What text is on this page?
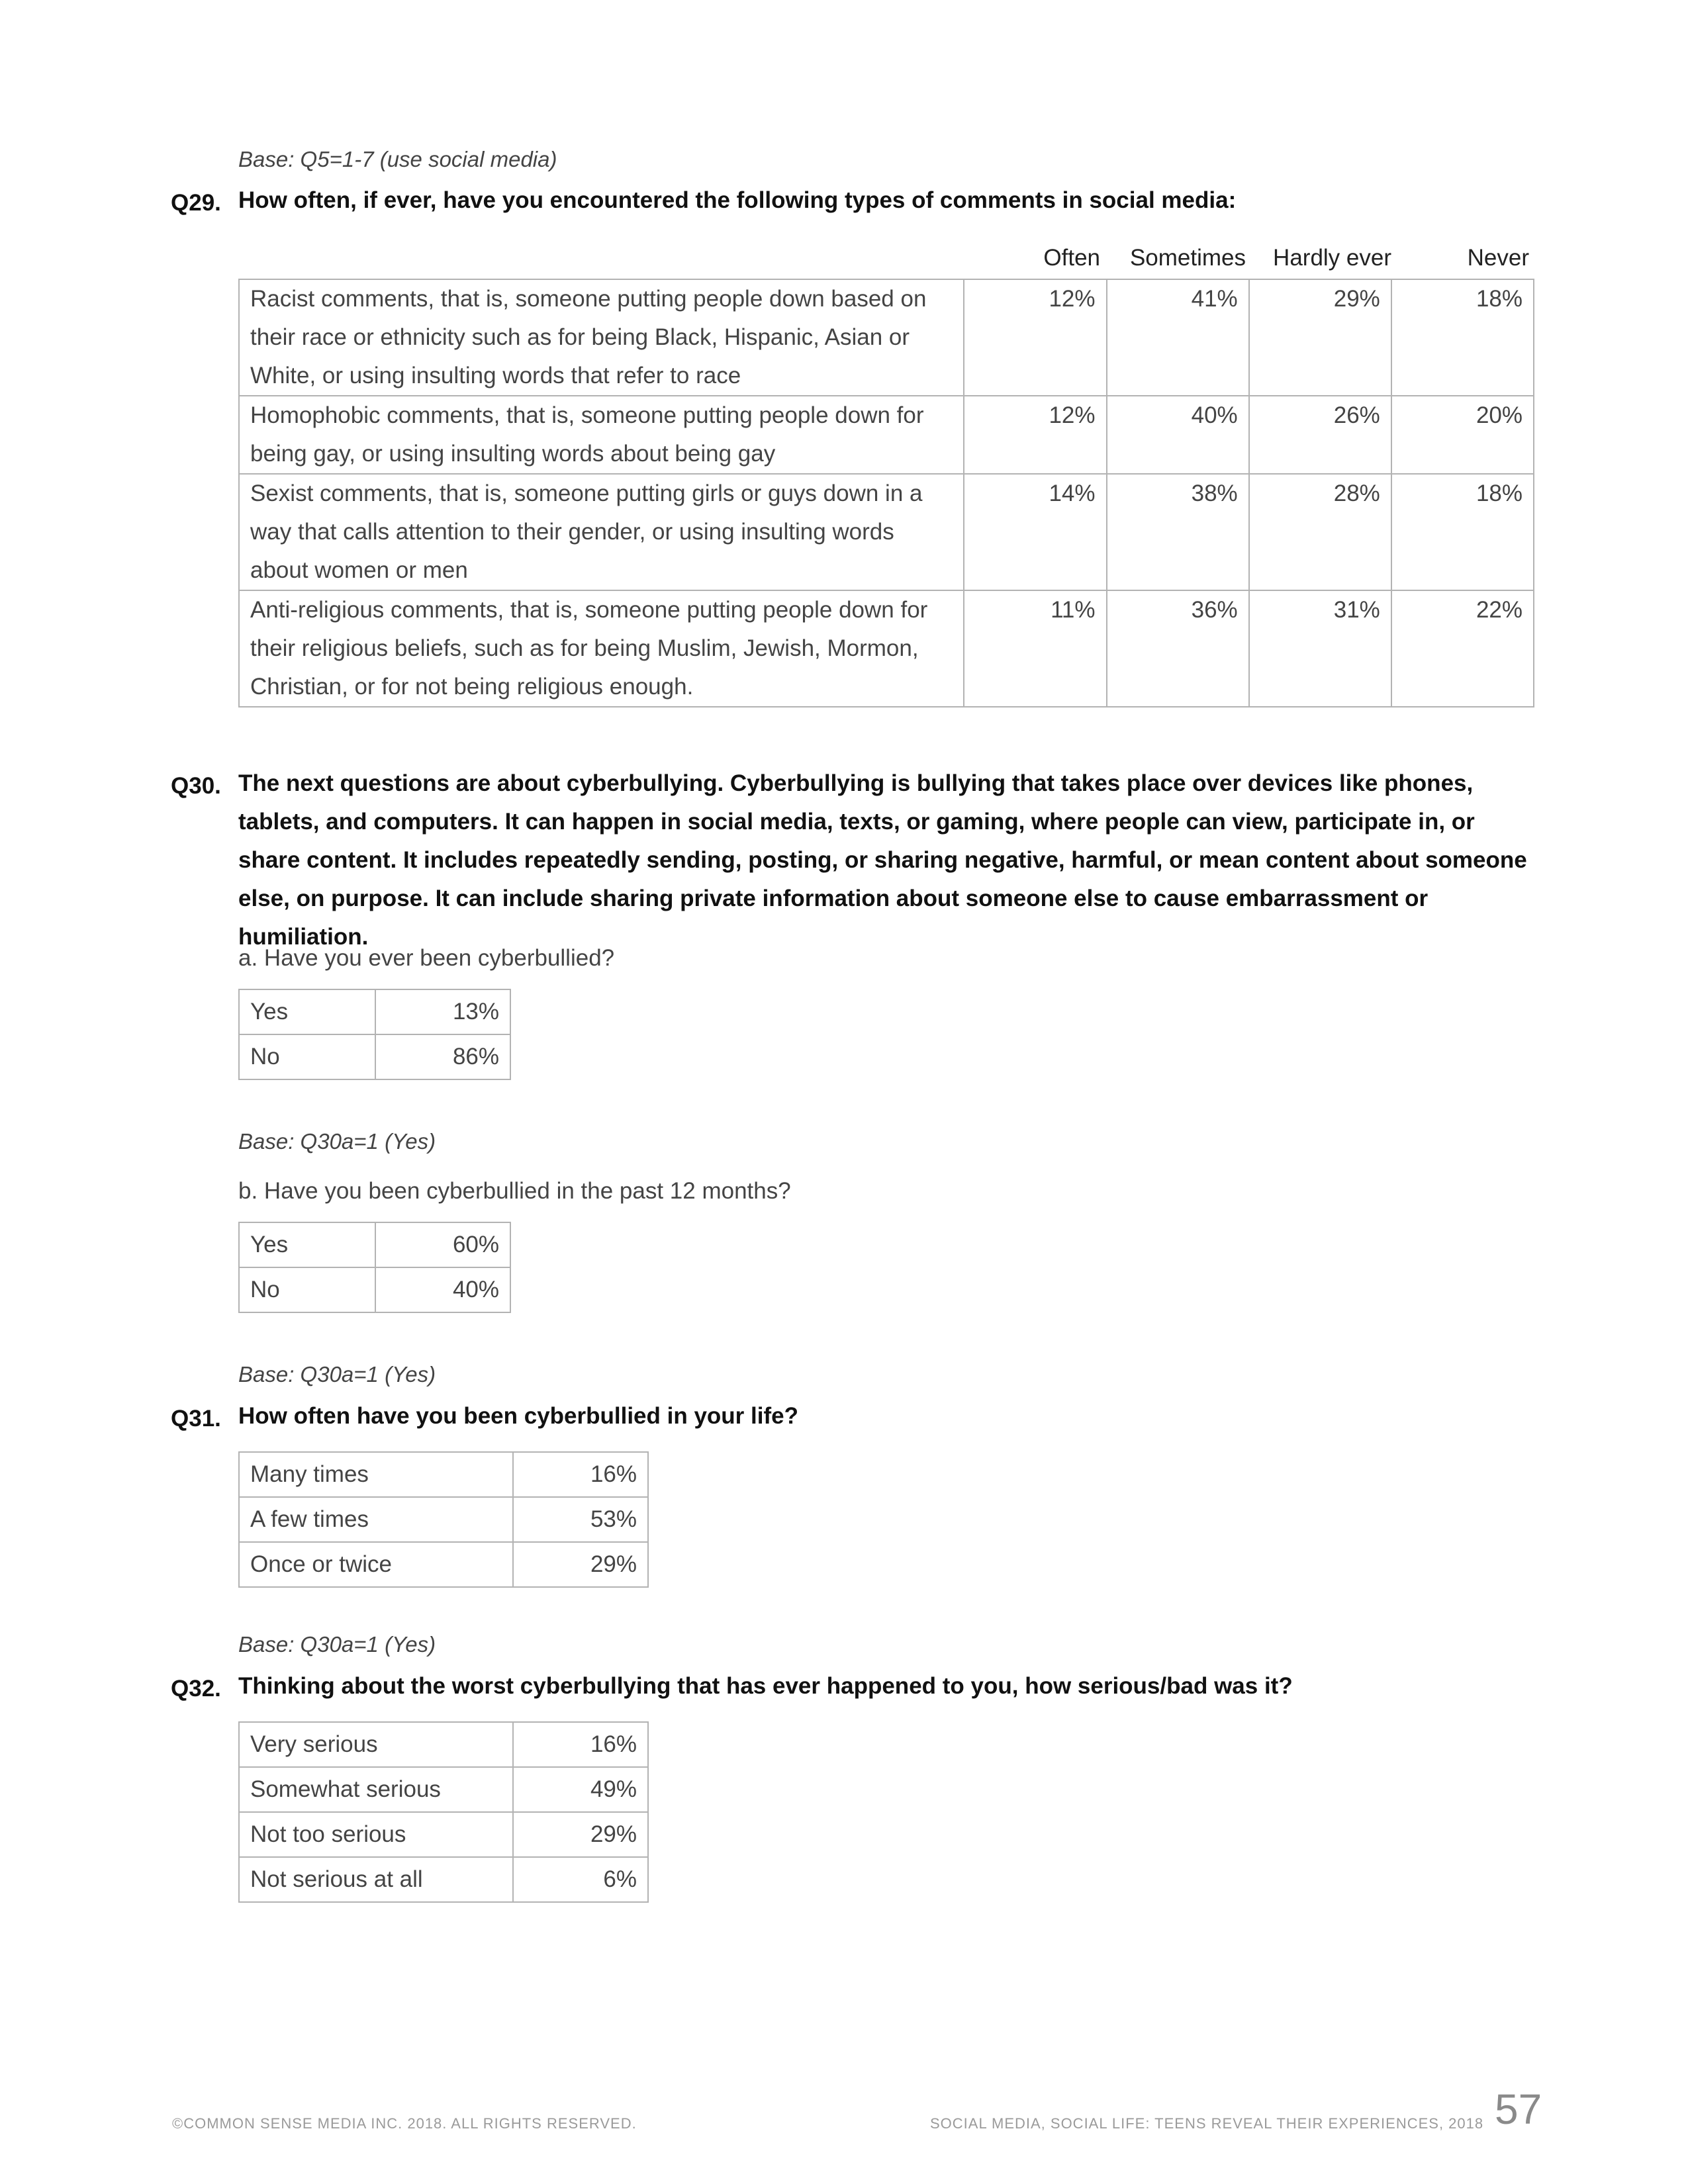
Base: Q5=1-7 (use social media)
Q29. How often, if ever, have you encountered the following types of comments in social media:
Often	Sometimes	Hardly ever	Never
Racist comments, that is, someone putting people down based on their race or ethnicity such as for being Black, Hispanic, Asian or White, or using insulting words that refer to race	12%	41%	29%	18%
Homophobic comments, that is, someone putting people down for being gay, or using insulting words about being gay	12%	40%	26%	20%
Sexist comments, that is, someone putting girls or guys down in a way that calls attention to their gender, or using insulting words about women or men	14%	38%	28%	18%
Anti-religious comments, that is, someone putting people down for their religious beliefs, such as for being Muslim, Jewish, Mormon, Christian, or for not being religious enough.	11%	36%	31%	22%
Q30. The next questions are about cyberbullying. Cyberbullying is bullying that takes place over devices like phones, tablets, and computers. It can happen in social media, texts, or gaming, where people can view, participate in, or share content. It includes repeatedly sending, posting, or sharing negative, harmful, or mean content about someone else, on purpose. It can include sharing private information about someone else to cause embarrassment or humiliation.
a. Have you ever been cyberbullied?
Yes	13%
No	86%
Base: Q30a=1 (Yes)
b. Have you been cyberbullied in the past 12 months?
Yes	60%
No	40%
Base: Q30a=1 (Yes)
Q31. How often have you been cyberbullied in your life?
Many times	16%
A few times	53%
Once or twice	29%
Base: Q30a=1 (Yes)
Q32. Thinking about the worst cyberbullying that has ever happened to you, how serious/bad was it?
Very serious	16%
Somewhat serious	49%
Not too serious	29%
Not serious at all	6%
©COMMON SENSE MEDIA INC. 2018. ALL RIGHTS RESERVED.	SOCIAL MEDIA, SOCIAL LIFE: TEENS REVEAL THEIR EXPERIENCES, 2018 57
